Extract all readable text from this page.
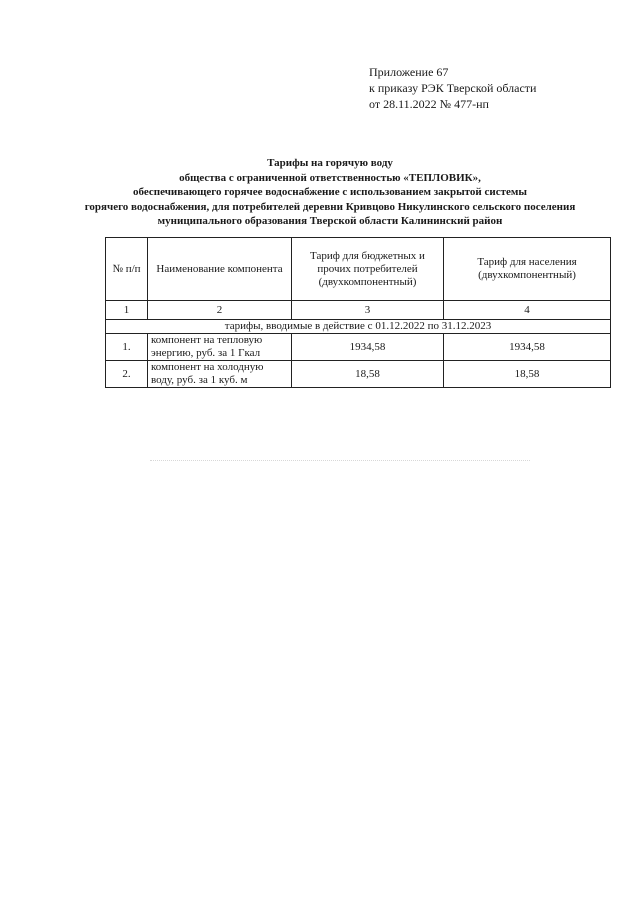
Приложение 67
к приказу РЭК Тверской области
от 28.11.2022 № 477-нп
Тарифы на горячую воду
общества с ограниченной ответственностью «ТЕПЛОВИК»,
обеспечивающего горячее водоснабжение с использованием закрытой системы
горячего водоснабжения, для потребителей деревни Кривцово Никулинского сельского поселения
муниципального образования Тверской области Калининский район
№ п/п	Наименование компонента	Тариф для бюджетных и прочих потребителей (двухкомпонентный)	Тариф для населения (двухкомпонентный)
1	2	3	4
тарифы, вводимые в действие с 01.12.2022 по 31.12.2023			
1.	компонент на тепловую энергию, руб. за 1 Гкал	1934,58	1934,58
2.	компонент на холодную воду, руб. за 1 куб. м	18,58	18,58
